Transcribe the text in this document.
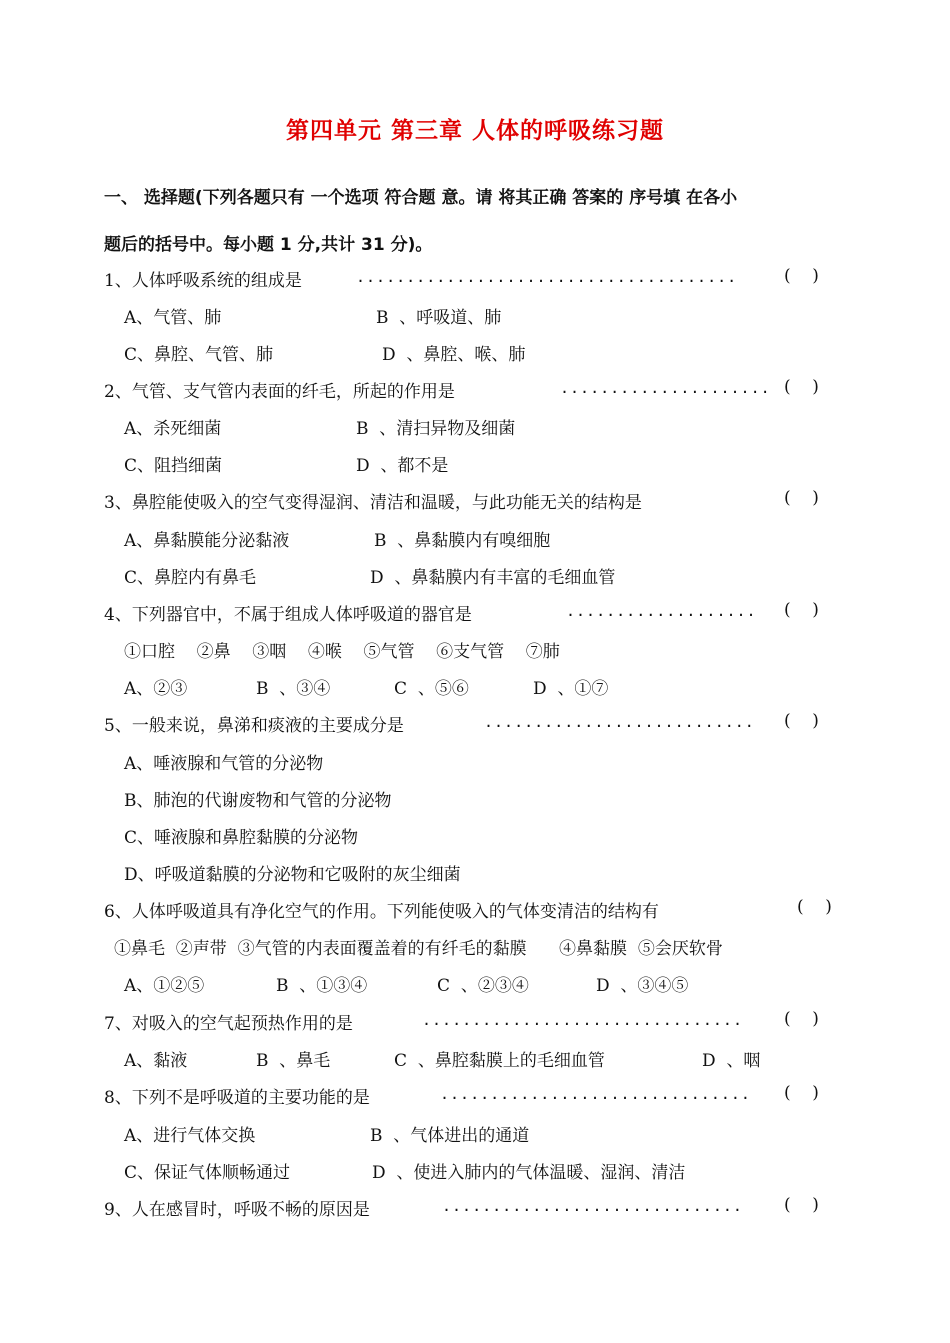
第四单元 第三章 人体的呼吸练习题
一、 选择题(下列各题只有 一个选项 符合题 意。请 将其正确 答案的 序号填 在各小
题后的括号中。每小题 1 分,共计 31 分)。
1、人体呼吸系统的组成是	......................................	(    )
A、气管、肺	B  、呼吸道、肺
C、鼻腔、气管、肺	D  、鼻腔、喉、肺
2、气管、支气管内表面的纤毛，所起的作用是	..................... (    )
A、杀死细菌	B  、清扫异物及细菌
C、阻挡细菌	D  、都不是
3、鼻腔能使吸入的空气变得湿润、清洁和温暖，与此功能无关的结构是	(    )
A、鼻黏膜能分泌黏液	B  、鼻黏膜内有嗅细胞
C、鼻腔内有鼻毛	D  、鼻黏膜内有丰富的毛细血管
4、下列器官中，不属于组成人体呼吸道的器官是	................... (    )
①口腔    ②鼻    ③咽    ④喉    ⑤气管    ⑥支气管    ⑦肺
A、②③	B  、③④	C  、⑤⑥	D  、①⑦
5、一般来说，鼻涕和痰液的主要成分是	........................... (    )
A、唾液腺和气管的分泌物
B、肺泡的代谢废物和气管的分泌物
C、唾液腺和鼻腔黏膜的分泌物
D、呼吸道黏膜的分泌物和它吸附的灰尘细菌
6、人体呼吸道具有净化空气的作用。下列能使吸入的气体变清洁的结构有	(    )
①鼻毛  ②声带  ③气管的内表面覆盖着的有纤毛的黏膜      ④鼻黏膜  ⑤会厌软骨
A、①②⑤	B  、①③④	C  、②③④	D  、③④⑤
7、对吸入的空气起预热作用的是	................................ (    )
A、黏液	B  、鼻毛	C  、鼻腔黏膜上的毛细血管	D  、咽
8、下列不是呼吸道的主要功能的是	............................... (    )
A、进行气体交换	B  、气体进出的通道
C、保证气体顺畅通过	D  、使进入肺内的气体温暖、湿润、清洁
9、人在感冒时，呼吸不畅的原因是	.............................. (    )
